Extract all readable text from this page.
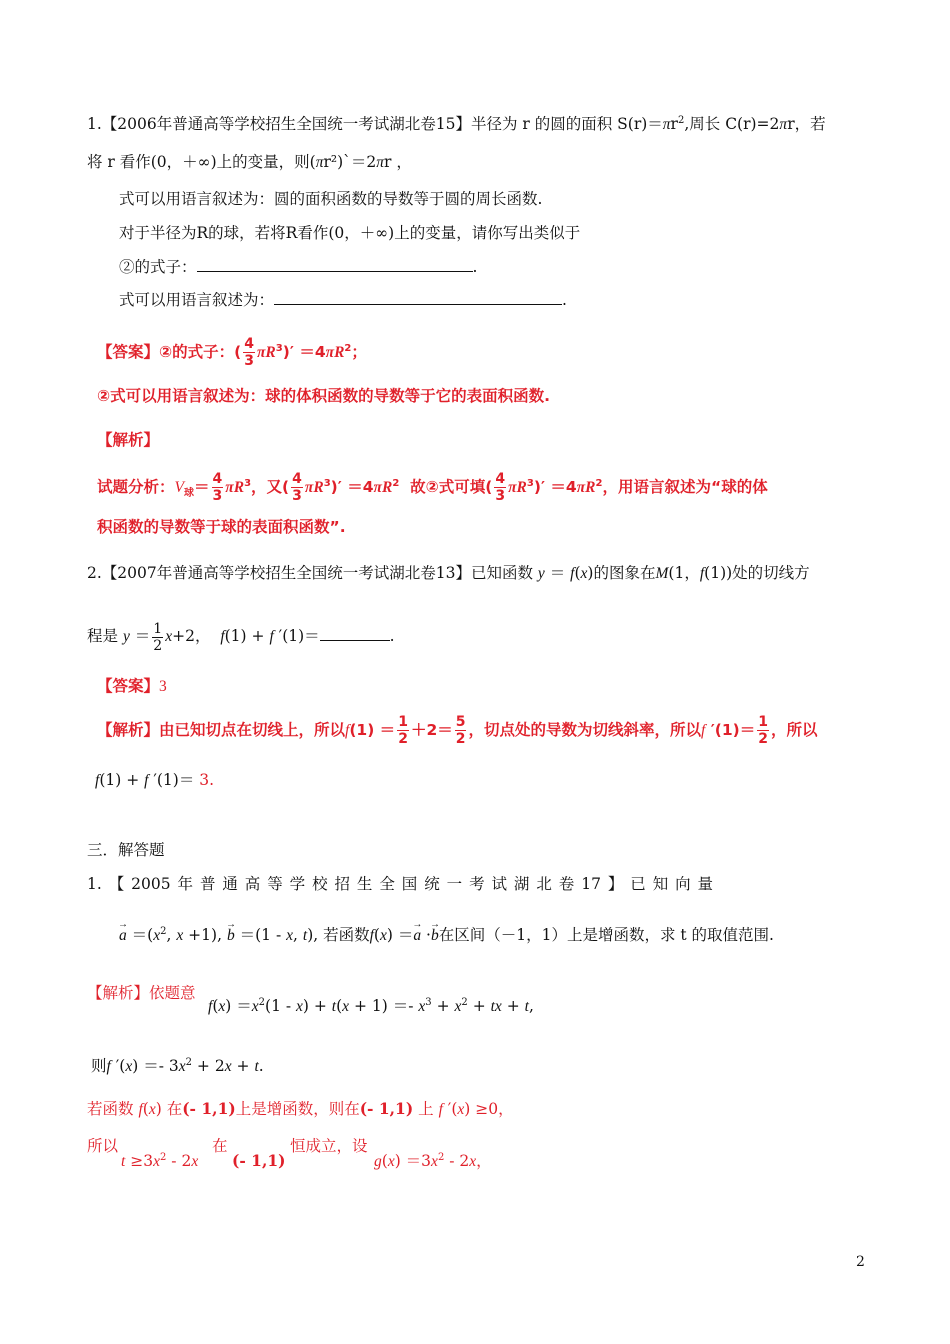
1.【2006年普通高等学校招生全国统一考试湖北卷15】半径为 r 的圆的面积 $S(r)=\pi r^2$,周长 C(r)=2πr，若
将 r 看作(0，＋∞)上的变量，则(πr²)`＝2πr ，
式可以用语言叙述为：圆的面积函数的导数等于圆的周长函数.
对于半径为R的球，若将R看作(0，＋∞)上的变量，请你写出类似于
②的式子：	.
式可以用语言叙述为：	.
【答案】②的式子：( $\frac{4}{3} \pi R^3)' =4\pi R^2$；
②式可以用语言叙述为：球的体积函数的导数等于它的表面积函数.
【解析】
试题分析：$V_球= \frac{4}{3} \pi R^3$，又( $\frac{4}{3} \pi R^3)' =4\pi R^2$ 故②式可填( $\frac{4}{3} \pi R^3)' =4\pi R^2$，用语言叙述为“球的体
积函数的导数等于球的表面积函数”.
2.【2007年普通高等学校招生全国统一考试湖北卷13】已知函数 y ＝ f(x)的图象在M(1，f(1))处的切线方
程是 $y = \frac{1}{2} x+2$， f(1) + f ′(1)＝	.
【答案】3
【解析】由已知切点在切线上，所以$f(1) = \frac{1}{2} +2= \frac{5}{2}$ ，切点处的导数为切线斜率，所以f $'(1)= \frac{1}{2}$ ，所以
f(1) + f ′(1)＝ 3.
三．解答题
1. 【 2005 年 普 通 高 等 学 校 招 生 全 国 统 一 考 试 湖 北 卷 17 】 已 知 向 量
→ $a =(x^2$, x +1), → b ＝(1 - x, t), 若函数f(x) ＝→ a ·→ b在区间（－1，1）上是增函数，求 t 的取值范围.
【解析】依题意
$f(x) =x^2(1 - x) + t(x + 1) =- x^3 + x^2$ + tx + t,
则f $'(x) =- 3x^2 + 2x + t$.
若函数 f(x) 在(- 1,1)上是增函数，则在(- 1,1) 上 f ′(x) ≥0，
所以
$t \ge 3x^2 - 2x$
在
(- 1,1)
恒成立，设
$g(x) =3x^2 - 2x$，
2
